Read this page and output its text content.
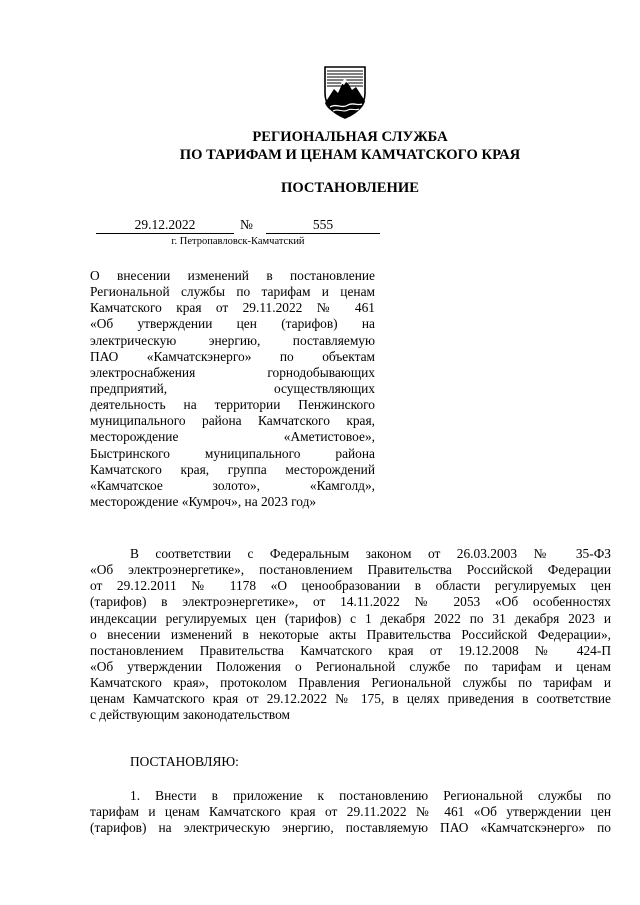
РЕГИОНАЛЬНАЯ СЛУЖБА
ПО ТАРИФАМ И ЦЕНАМ КАМЧАТСКОГО КРАЯ
ПОСТАНОВЛЕНИЕ
29.12.2022	№	555
г. Петропавловск-Камчатский
О внесении изменений в постановление
Региональной службы по тарифам и ценам
Камчатского края от 29.11.2022 № 461
«Об утверждении цен (тарифов) на
электрическую энергию, поставляемую
ПАО «Камчатскэнерго» по объектам
электроснабжения горнодобывающих
предприятий, осуществляющих
деятельность на территории Пенжинского
муниципального района Камчатского края,
месторождение «Аметистовое»,
Быстринского муниципального района
Камчатского края, группа месторождений
«Камчатское золото», «Камголд»,
месторождение «Кумроч», на 2023 год»
В соответствии с Федеральным законом от 26.03.2003 № 35-ФЗ
«Об электроэнергетике», постановлением Правительства Российской Федерации
от 29.12.2011 № 1178 «О ценообразовании в области регулируемых цен
(тарифов) в электроэнергетике», от 14.11.2022 № 2053 «Об особенностях
индексации регулируемых цен (тарифов) с 1 декабря 2022 по 31 декабря 2023 и
о внесении изменений в некоторые акты Правительства Российской Федерации»,
постановлением Правительства Камчатского края от 19.12.2008 № 424-П
«Об утверждении Положения о Региональной службе по тарифам и ценам
Камчатского края», протоколом Правления Региональной службы по тарифам и
ценам Камчатского края от 29.12.2022 № 175, в целях приведения в соответствие
с действующим законодательством
ПОСТАНОВЛЯЮ:
1. Внести в приложение к постановлению Региональной службы по
тарифам и ценам Камчатского края от 29.11.2022 № 461 «Об утверждении цен
(тарифов) на электрическую энергию, поставляемую ПАО «Камчатскэнерго» по
